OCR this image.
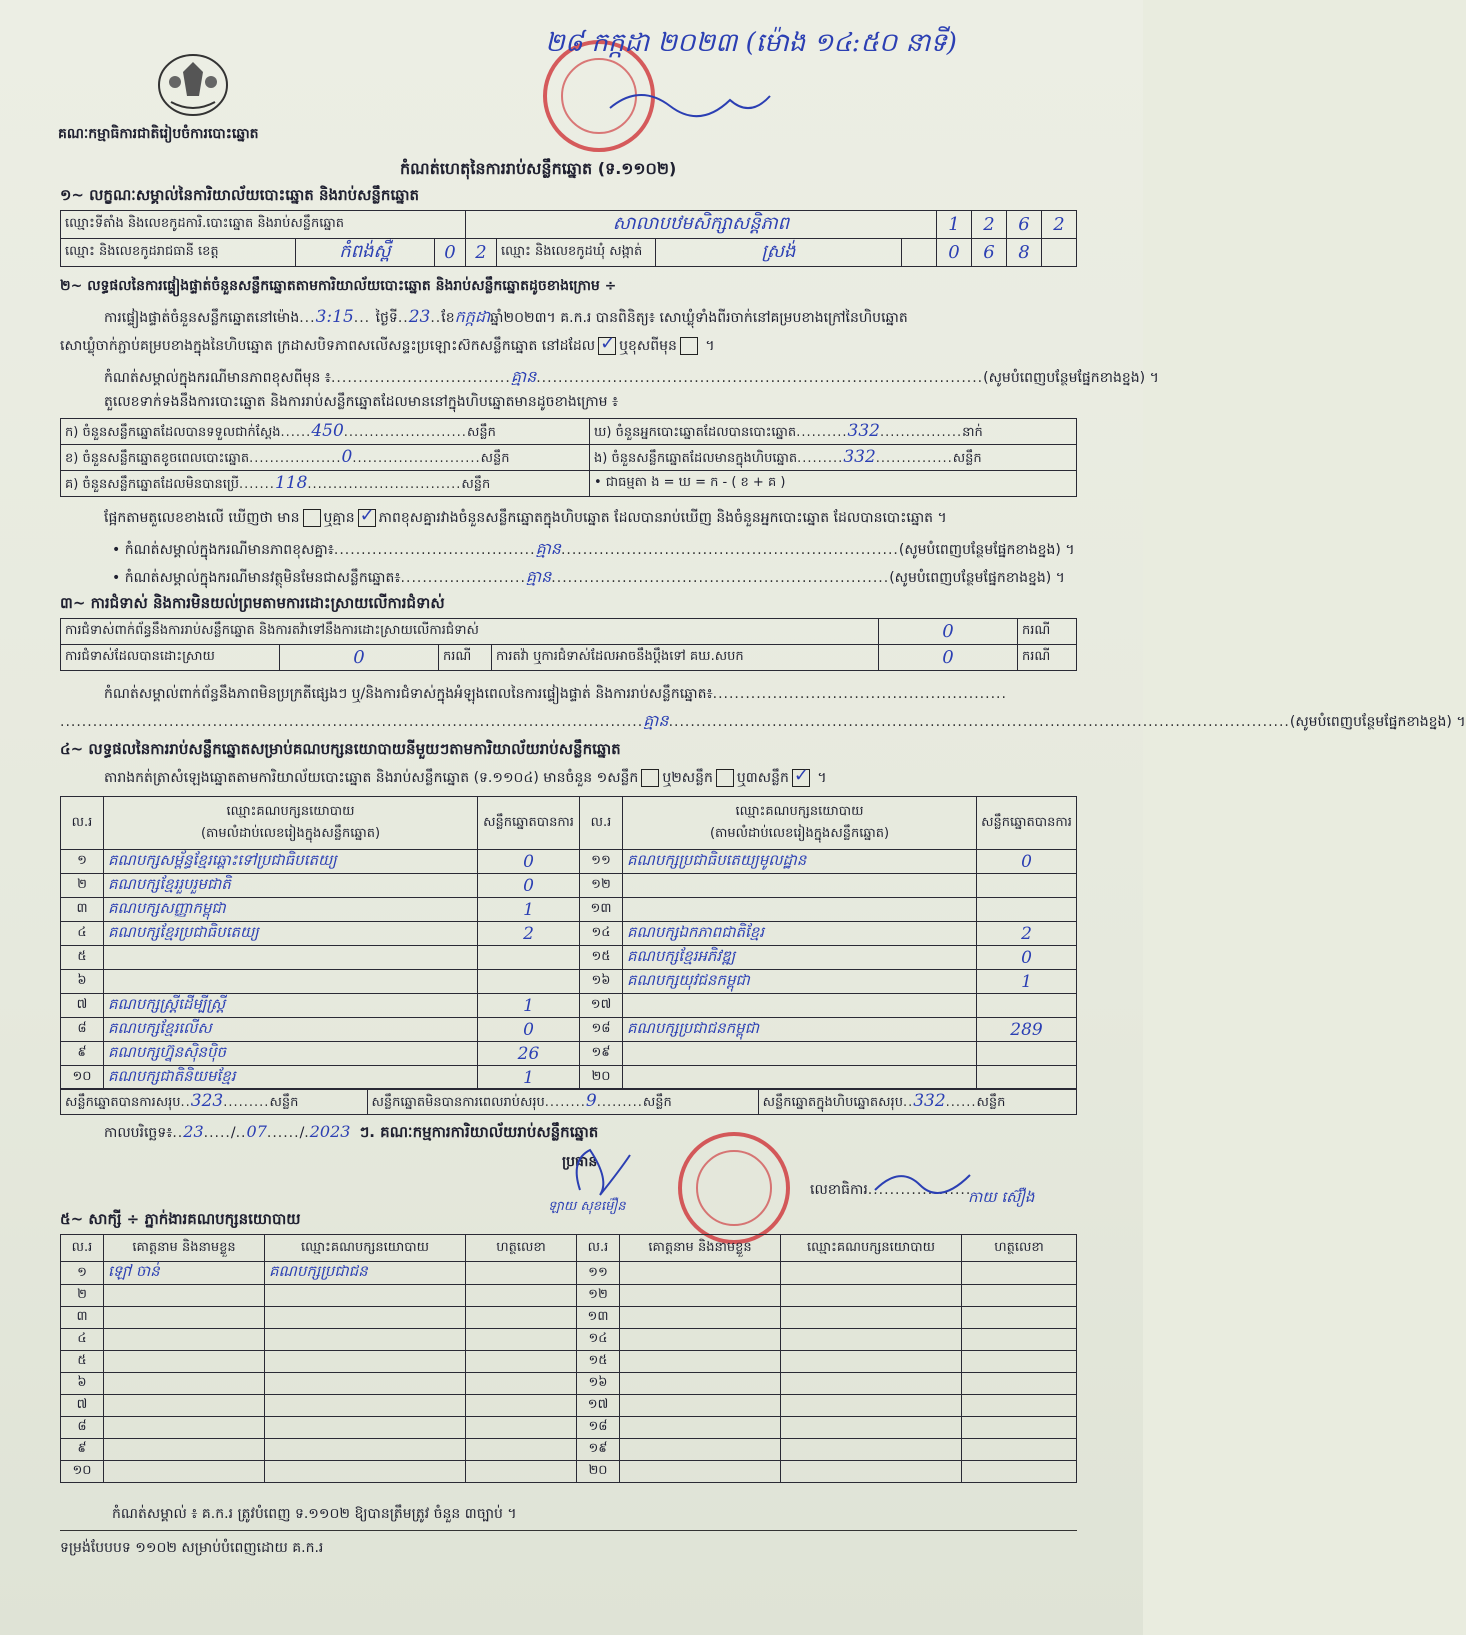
គណៈកម្មាធិការជាតិរៀបចំការបោះឆ្នោត
២៨ កក្កដា ២០២៣ (ម៉ោង ១៤:៥០ នាទី)
កំណត់ហេតុនៃការរាប់សន្លឹកឆ្នោត (ទ.១១០២)
១~ លក្ខណៈសម្គាល់នៃការិយាល័យបោះឆ្នោត និងរាប់សន្លឹកឆ្នោត
ឈ្មោះទីតាំង និងលេខកូដការិ.បោះឆ្នោត និងរាប់សន្លឹកឆ្នោត			សាលាបឋមសិក្សាសន្តិភាព				1	2	6	2
ឈ្មោះ និងលេខកូដរាជធានី ខេត្ត	កំពង់ស្ពឺ	0	2	ឈ្មោះ និងលេខកូដឃុំ សង្កាត់	ស្រង់		0	6	8	
២~ លទ្ធផលនៃការផ្ទៀងផ្ទាត់ចំនួនសន្លឹកឆ្នោតតាមការិយាល័យបោះឆ្នោត និងរាប់សន្លឹកឆ្នោតដូចខាងក្រោម ÷
ការផ្ទៀងផ្ទាត់ចំនួនសន្លឹកឆ្នោតនៅម៉ោង...3:15... ថ្ងៃទី..23..ខែកក្កដាឆ្នាំ២០២៣។ គ.ក.រ បានពិនិត្យ៖ សោឃ្លុំទាំងពីរចាក់នៅគម្របខាងក្រៅនៃហិបឆ្នោត
សោឃ្លុំចាក់ភ្ជាប់គម្របខាងក្នុងនៃហិបឆ្នោត ក្រដាសបិទភាពសលើសន្ទះប្រឡោះស៊កសន្លឹកឆ្នោត នៅដដែល ✓ ឬខុសពីមុន ។
កំណត់សម្គាល់ក្នុងករណីមានភាពខុសពីមុន ៖.................................គ្មាន..................................................................................(សូមបំពេញបន្ថែមផ្នែកខាងខ្នង) ។
តួលេខទាក់ទងនឹងការបោះឆ្នោត និងការរាប់សន្លឹកឆ្នោតដែលមាននៅក្នុងហិបឆ្នោតមានដូចខាងក្រោម ៖
ក) ចំនួនសន្លឹកឆ្នោតដែលបានទទួលជាក់ស្ដែង......450........................សន្លឹក	ឃ) ចំនួនអ្នកបោះឆ្នោតដែលបានបោះឆ្នោត..........332................នាក់
ខ) ចំនួនសន្លឹកឆ្នោតខូចពេលបោះឆ្នោត..................0.........................សន្លឹក	ង) ចំនួនសន្លឹកឆ្នោតដែលមានក្នុងហិបឆ្នោត.........332...............សន្លឹក
គ) ចំនួនសន្លឹកឆ្នោតដែលមិនបានប្រើ.......118..............................សន្លឹក	• ជាធម្មតា ង = ឃ = ក - ( ខ + គ )
ផ្អែកតាមតួលេខខាងលើ ឃើញថា មាន ឬគ្មាន ✓ ភាពខុសគ្នារវាងចំនួនសន្លឹកឆ្នោតក្នុងហិបឆ្នោត ដែលបានរាប់ឃើញ និងចំនួនអ្នកបោះឆ្នោត ដែលបានបោះឆ្នោត ។
• កំណត់សម្គាល់ក្នុងករណីមានភាពខុសគ្នា៖.....................................គ្មាន..............................................................(សូមបំពេញបន្ថែមផ្នែកខាងខ្នង) ។
• កំណត់សម្គាល់ក្នុងករណីមានវត្ថុមិនមែនជាសន្លឹកឆ្នោត៖.......................គ្មាន..............................................................(សូមបំពេញបន្ថែមផ្នែកខាងខ្នង) ។
៣~ ការជំទាស់ និងការមិនយល់ព្រមតាមការដោះស្រាយលើការជំទាស់
ការជំទាស់ពាក់ព័ន្ធនឹងការរាប់សន្លឹកឆ្នោត និងការតវ៉ាទៅនឹងការដោះស្រាយលើការជំទាស់				0	ករណី
ការជំទាស់ដែលបានដោះស្រាយ	0	ករណី	ការតវ៉ា ឬការជំទាស់ដែលអាចនឹងប្ដឹងទៅ គឃ.សបក	0	ករណី
កំណត់សម្គាល់ពាក់ព័ន្ធនឹងភាពមិនប្រក្រតីផ្សេងៗ ឬ/និងការជំទាស់ក្នុងអំឡុងពេលនៃការផ្ទៀងផ្ទាត់ និងការរាប់សន្លឹកឆ្នោត៖......................................................
...........................................................................................................គ្មាន..................................................................................................................(សូមបំពេញបន្ថែមផ្នែកខាងខ្នង) ។
៤~ លទ្ធផលនៃការរាប់សន្លឹកឆ្នោតសម្រាប់គណបក្សនយោបាយនីមួយៗតាមការិយាល័យរាប់សន្លឹកឆ្នោត
តារាងកត់ត្រាសំឡេងឆ្នោតតាមការិយាល័យបោះឆ្នោត និងរាប់សន្លឹកឆ្នោត (ទ.១១០៤) មានចំនួន ១សន្លឹក ឬ២សន្លឹក ឬ៣សន្លឹក✓ ។
ល.រ	ឈ្មោះគណបក្សនយោបាយ
(តាមលំដាប់លេខរៀងក្នុងសន្លឹកឆ្នោត)	សន្លឹកឆ្នោតបានការ	ល.រ	ឈ្មោះគណបក្សនយោបាយ
(តាមលំដាប់លេខរៀងក្នុងសន្លឹកឆ្នោត)	សន្លឹកឆ្នោតបានការ
១	គណបក្សសម្ព័ន្ធខ្មែរ​ឆ្ពោះទៅប្រជាធិបតេយ្យ	0	១១	គណបក្សប្រជាធិបតេយ្យមូលដ្ឋាន	0
២	គណបក្សខ្មែររួបរួមជាតិ	0	១២		
៣	គណបក្សសញ្ញាកម្ពុជា	1	១៣		
៤	គណបក្សខ្មែរប្រជាធិបតេយ្យ	2	១៤	គណបក្សឯកភាពជាតិខ្មែរ	2
៥			១៥	គណបក្សខ្មែរអភិវឌ្ឍ	0
៦			១៦	គណបក្សយុវជនកម្ពុជា	1
៧	គណបក្សស្ត្រីដើម្បីស្ត្រី	1	១៧		
៨	គណបក្សខ្មែរលើស	0	១៨	គណបក្សប្រជាជនកម្ពុជា	289
៩	គណបក្សហ្វ៊ុនស៊ិនប៉ិច	26	១៩		
១០	គណបក្សជាតិនិយមខ្មែរ	1	២០		
សន្លឹកឆ្នោតបានការសរុប..323.........សន្លឹក	សន្លឹកឆ្នោតមិនបានការពេលរាប់សរុប........9.........សន្លឹក	សន្លឹកឆ្នោតក្នុងហិបឆ្នោតសរុប..332......សន្លឹក
កាលបរិច្ឆេទ៖..23...../..07....../.2023 ៗ. គណៈកម្មការការិយាល័យរាប់សន្លឹកឆ្នោត
ប្រធាន
ឡាយ សុខម៉ឿន
លេខាធិការ...................
កាយ ស៊ឿង
៥~ សាក្សី ÷ ភ្នាក់ងារគណបក្សនយោបាយ
ល.រ	គោត្តនាម និងនាមខ្លួន	ឈ្មោះគណបក្សនយោបាយ	ហត្ថលេខា	ល.រ	គោត្តនាម និងនាមខ្លួន	ឈ្មោះគណបក្សនយោបាយ	ហត្ថលេខា
១	ឡៅ ចាន់	គណបក្សប្រជាជន		១១			
២				១២			
៣				១៣			
៤				១៤			
៥				១៥			
៦				១៦			
៧				១៧			
៨				១៨			
៩				១៩			
១០				២០			
កំណត់សម្គាល់ ៖ គ.ក.រ ត្រូវបំពេញ ទ.១១០២ ឱ្យបានត្រឹមត្រូវ ចំនួន ៣ច្បាប់ ។
ទម្រង់បែបបទ ១១០២ សម្រាប់បំពេញដោយ គ.ក.រ
